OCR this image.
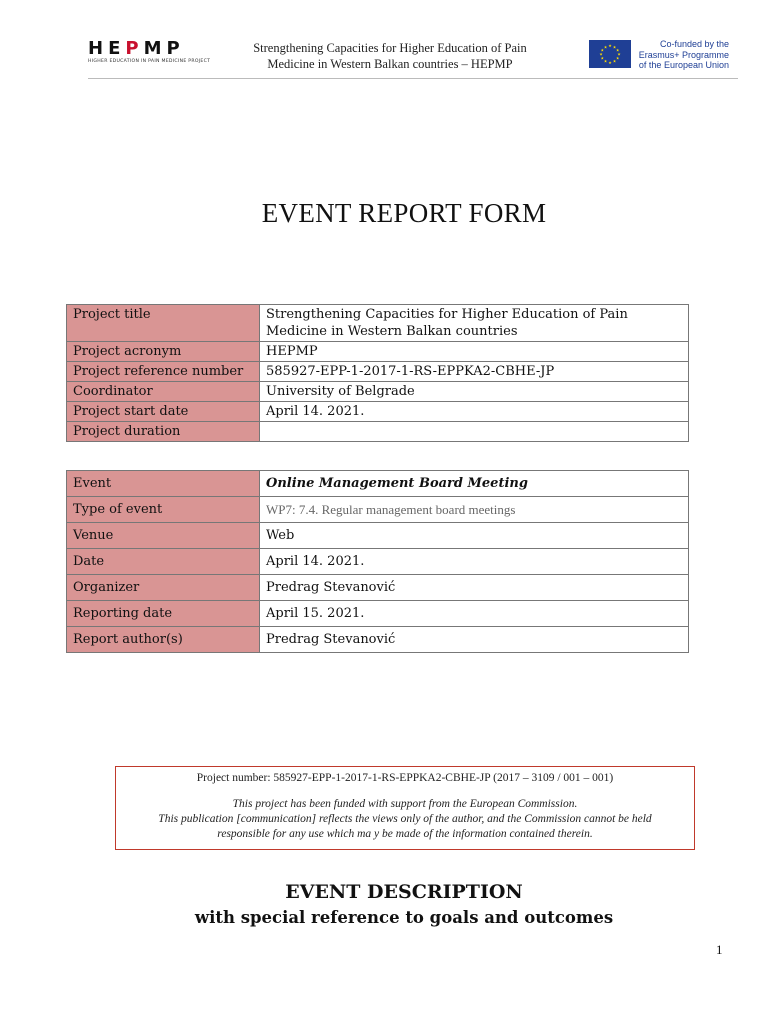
HEPMP
HIGHER EDUCATION IN PAIN MEDICINE PROJECT
Strengthening Capacities for Higher Education of Pain
Medicine in Western Balkan countries – HEPMP
★ ★
★
★
★
★
★
★
★
★
★
★	Co-funded by the
Erasmus+ Programme
of the European Union
EVENT REPORT FORM
Project title	Strengthening Capacities for Higher Education of Pain Medicine in Western Balkan countries
Project acronym	HEPMP
Project reference number	585927-EPP-1-2017-1-RS-EPPKA2-CBHE-JP
Coordinator	University of Belgrade
Project start date	April 14. 2021.
Project duration	
Event	Online Management Board Meeting
Type of event	WP7: 7.4. Regular management board meetings
Venue	Web
Date	April 14. 2021.
Organizer	Predrag Stevanović
Reporting date	April 15. 2021.
Report author(s)	Predrag Stevanović
Project number: 585927-EPP-1-2017-1-RS-EPPKA2-CBHE-JP (2017 – 3109 / 001 – 001)
This project has been funded with support from the European Commission.
This publication [communication] reflects the views only of the author, and the Commission cannot be held
responsible for any use which ma y be made of the information contained therein.
EVENT DESCRIPTION
with special reference to goals and outcomes
1
